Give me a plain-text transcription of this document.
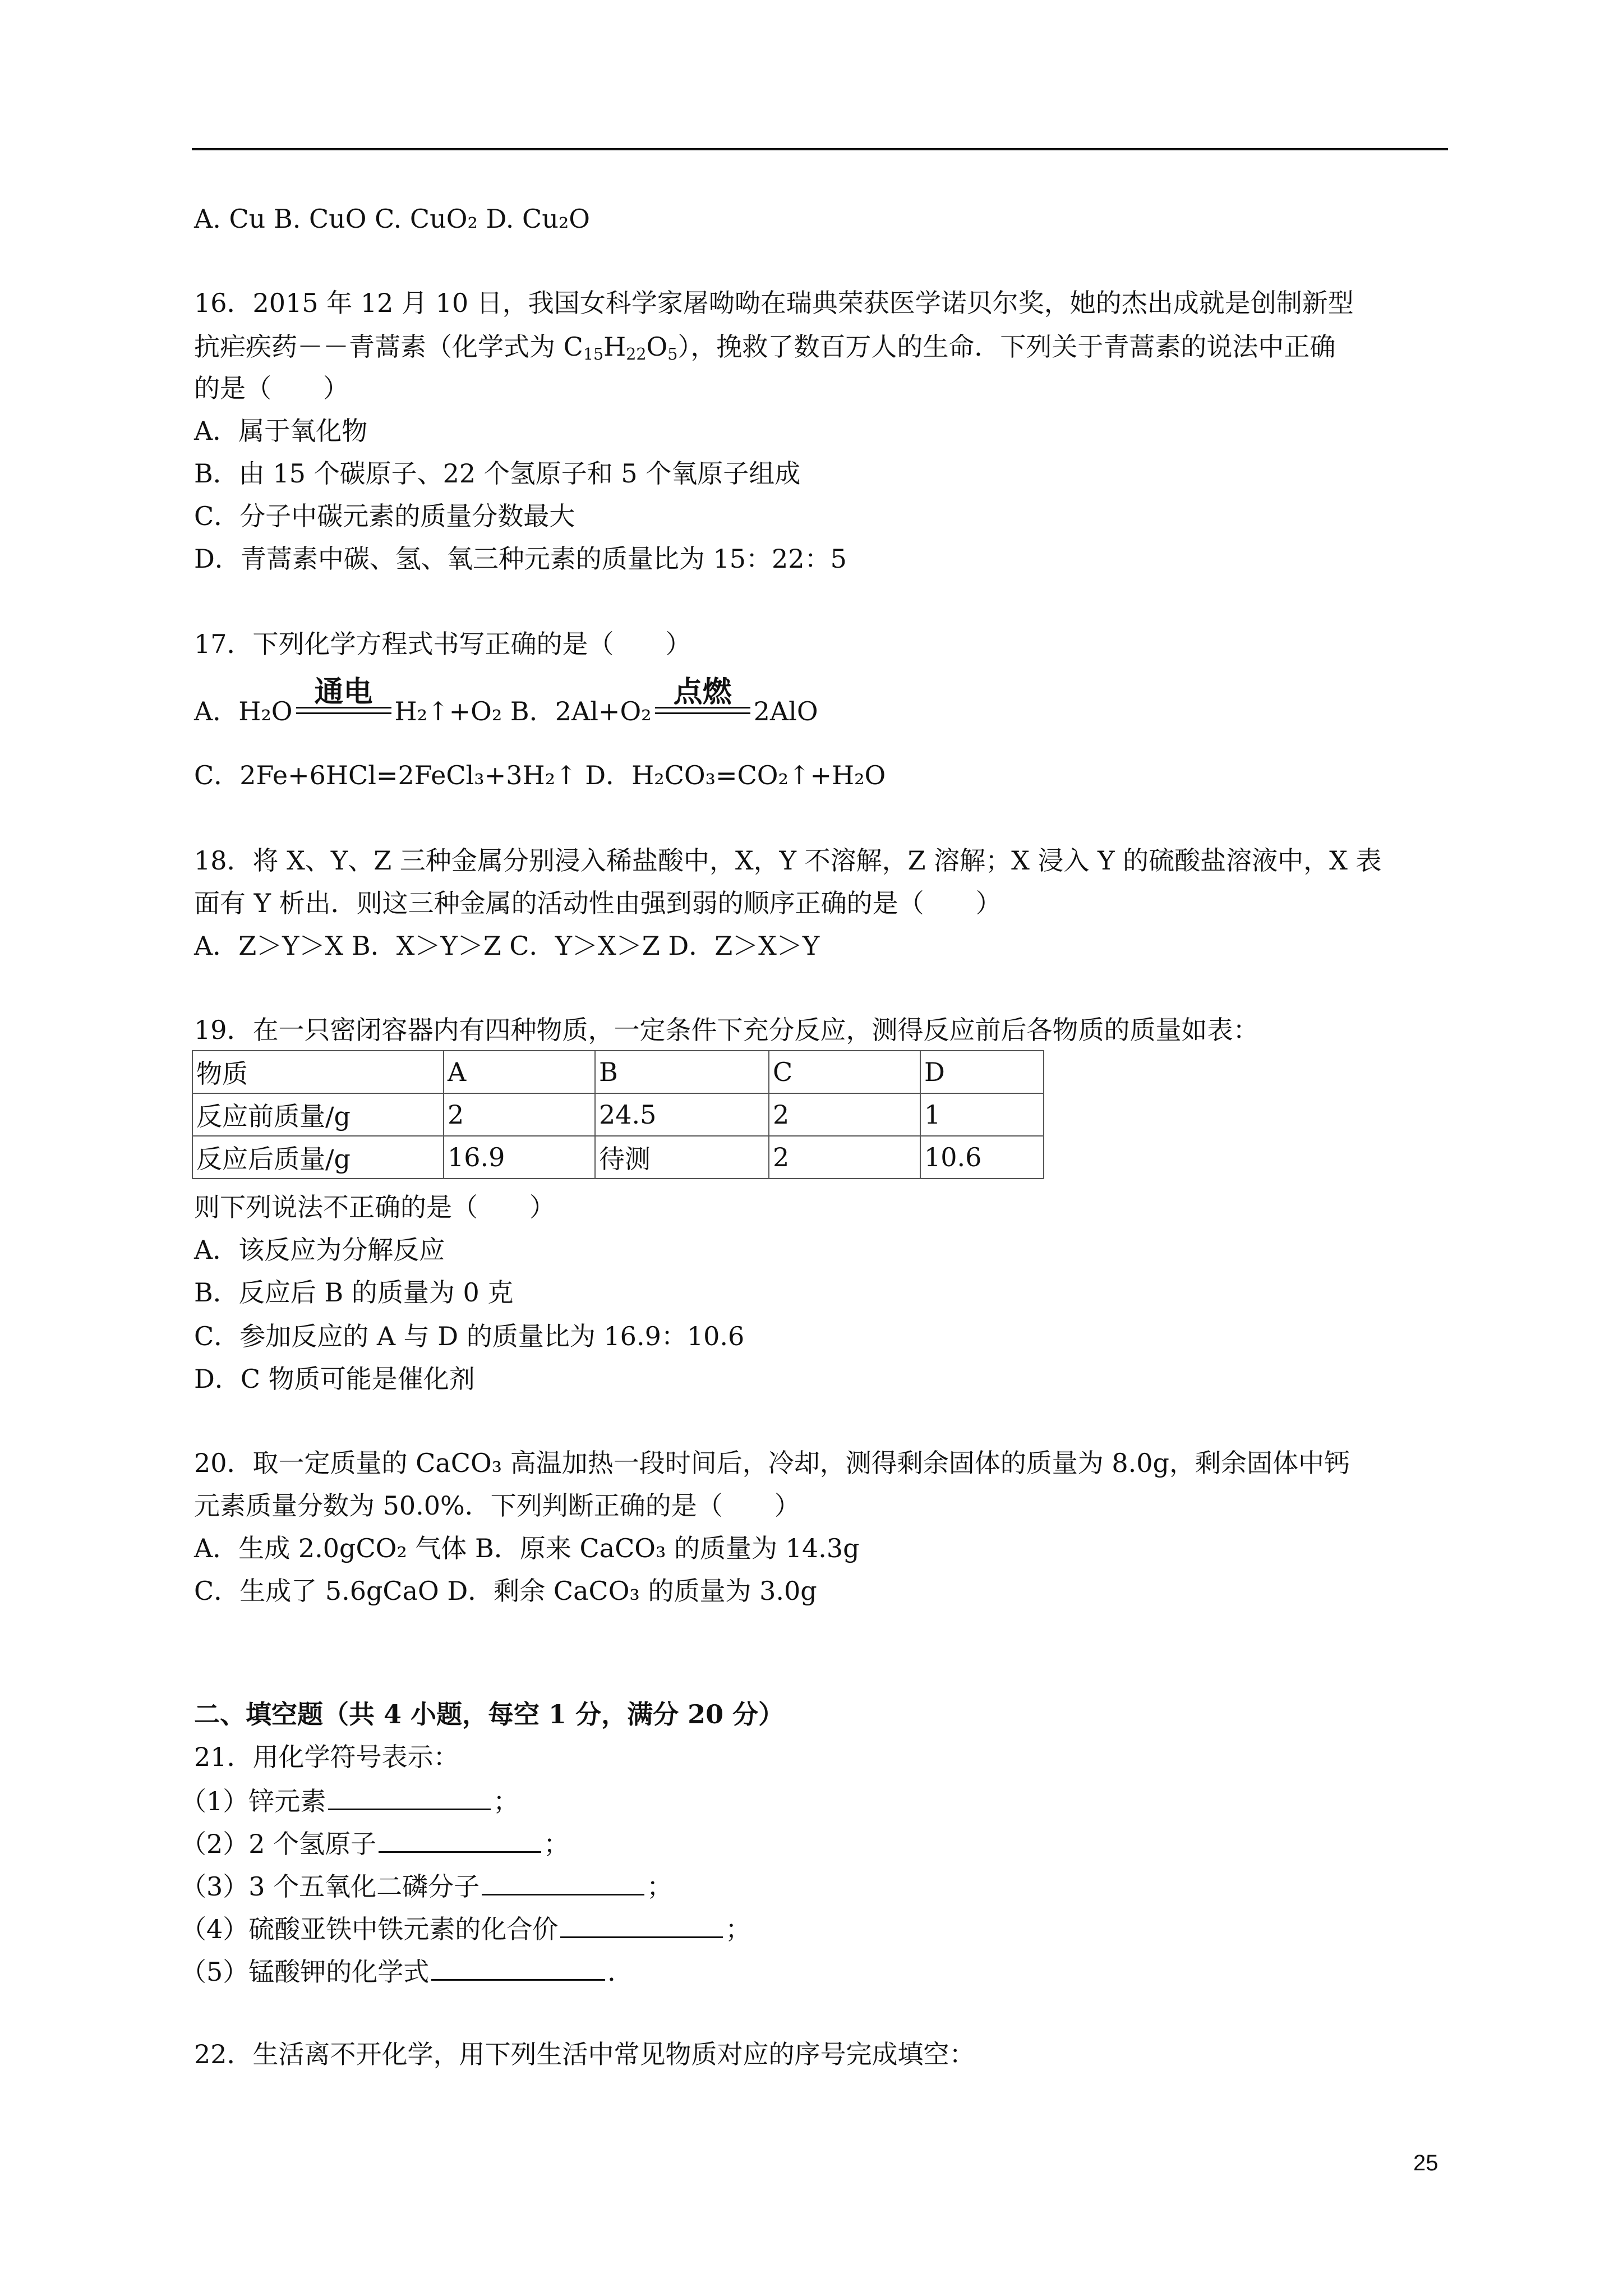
A. Cu B. CuO C. CuO₂ D. Cu₂O
16．2015 年 12 月 10 日，我国女科学家屠呦呦在瑞典荣获医学诺贝尔奖，她的杰出成就是创制新型
抗疟疾药－－青蒿素（化学式为 $C_{15}H_{22}O_5$），挽救了数百万人的生命．下列关于青蒿素的说法中正确
的是（　　）
A．属于氧化物
B．由 15 个碳原子、22 个氢原子和 5 个氧原子组成
C．分子中碳元素的质量分数最大
D．青蒿素中碳、氢、氧三种元素的质量比为 15：22：5
17．下列化学方程式书写正确的是（　　）
A．H₂O
通电
H₂↑+O₂ B．2Al+O₂
点燃
2AlO
C．2Fe+6HCl=2FeCl₃+3H₂↑ D．H₂CO₃=CO₂↑+H₂O
18．将 X、Y、Z 三种金属分别浸入稀盐酸中，X，Y 不溶解，Z 溶解；X 浸入 Y 的硫酸盐溶液中，X 表
面有 Y 析出．则这三种金属的活动性由强到弱的顺序正确的是（　　）
A．Z＞Y＞X B．X＞Y＞Z C．Y＞X＞Z D．Z＞X＞Y
19．在一只密闭容器内有四种物质，一定条件下充分反应，测得反应前后各物质的质量如表：
物质	A	B	C	D
反应前质量/g	2	24.5	2	1
反应后质量/g	16.9	待测	2	10.6
则下列说法不正确的是（　　）
A．该反应为分解反应
B．反应后 B 的质量为 0 克
C．参加反应的 A 与 D 的质量比为 16.9：10.6
D．C 物质可能是催化剂
20．取一定质量的 CaCO₃ 高温加热一段时间后，冷却，测得剩余固体的质量为 8.0g，剩余固体中钙
元素质量分数为 50.0%．下列判断正确的是（　　）
A．生成 2.0gCO₂ 气体 B．原来 CaCO₃ 的质量为 14.3g
C．生成了 5.6gCaO D．剩余 CaCO₃ 的质量为 3.0g
二、填空题（共 4 小题，每空 1 分，满分 20 分）
21．用化学符号表示：
（1）锌元素	；
（2）2 个氢原子	；
（3）3 个五氧化二磷分子	；
（4）硫酸亚铁中铁元素的化合价	；
（5）锰酸钾的化学式	．
22．生活离不开化学，用下列生活中常见物质对应的序号完成填空：
25
